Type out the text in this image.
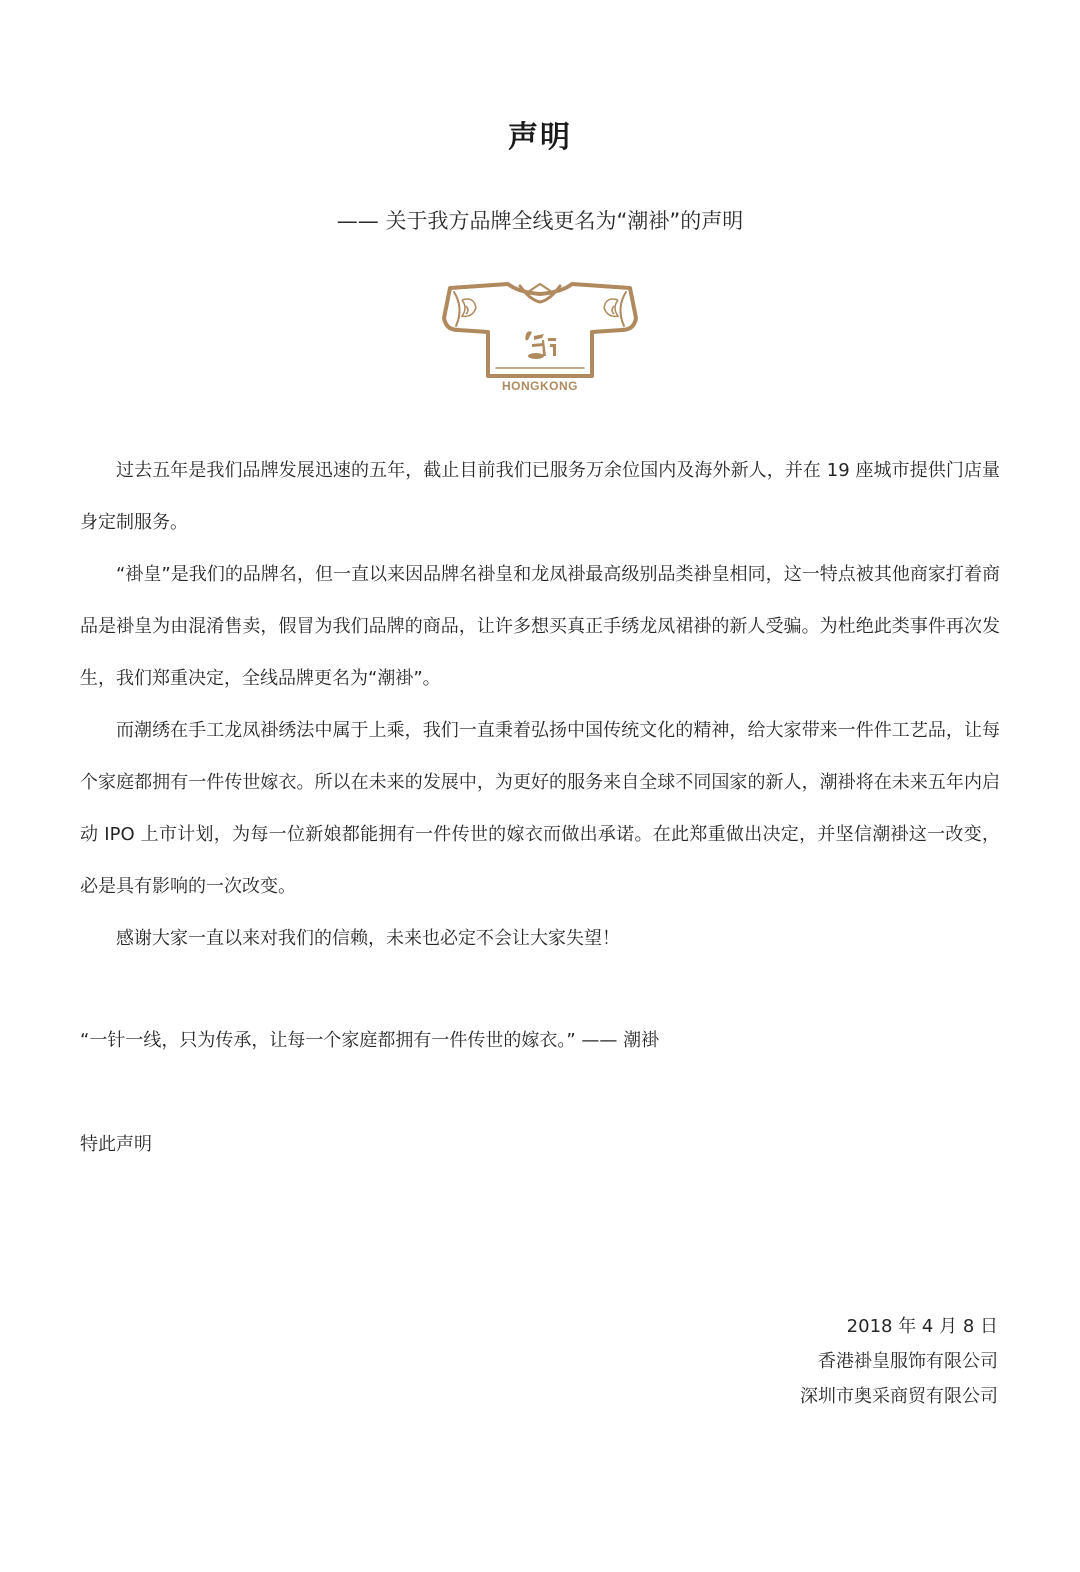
声明
—— 关于我方品牌全线更名为“潮褂”的声明
HONGKONG

过去五年是我们品牌发展迅速的五年，截止目前我们已服务万余位国内及海外新人，并在 19 座城市提供门店量身定制服务。

“褂皇”是我们的品牌名，但一直以来因品牌名褂皇和龙凤褂最高级别品类褂皇相同，这一特点被其他商家打着商品是褂皇为由混淆售卖，假冒为我们品牌的商品，让许多想买真正手绣龙凤裙褂的新人受骗。为杜绝此类事件再次发生，我们郑重决定，全线品牌更名为“潮褂”。

而潮绣在手工龙凤褂绣法中属于上乘，我们一直秉着弘扬中国传统文化的精神，给大家带来一件件工艺品，让每个家庭都拥有一件传世嫁衣。所以在未来的发展中，为更好的服务来自全球不同国家的新人，潮褂将在未来五年内启动 IPO 上市计划，为每一位新娘都能拥有一件传世的嫁衣而做出承诺。在此郑重做出决定，并坚信潮褂这一改变，必是具有影响的一次改变。

感谢大家一直以来对我们的信赖，未来也必定不会让大家失望！

“一针一线，只为传承，让每一个家庭都拥有一件传世的嫁衣。” —— 潮褂
特此声明
2018 年 4 月 8 日
香港褂皇服饰有限公司
深圳市奥采商贸有限公司
